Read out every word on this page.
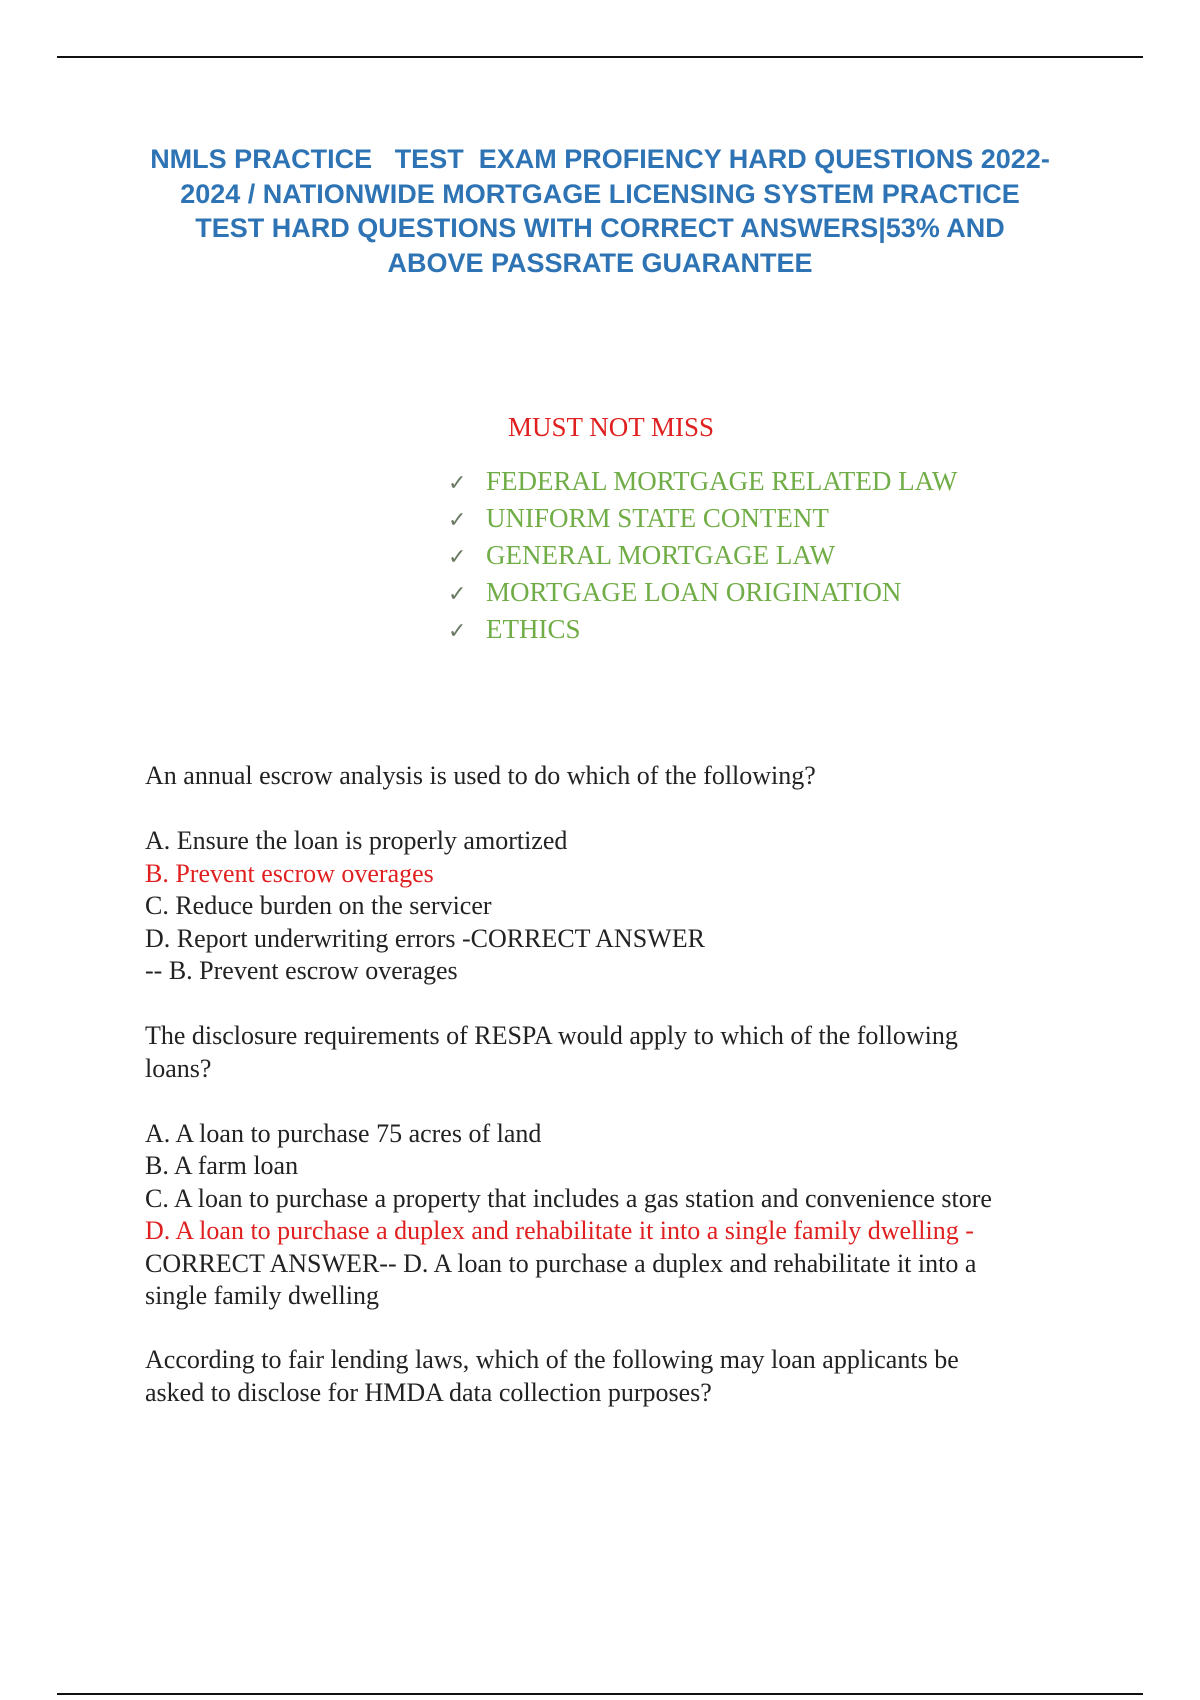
NMLS PRACTICE   TEST  EXAM PROFIENCY HARD QUESTIONS 2022-
2024 / NATIONWIDE MORTGAGE LICENSING SYSTEM PRACTICE
TEST HARD QUESTIONS WITH CORRECT ANSWERS|53% AND
ABOVE PASSRATE GUARANTEE
MUST NOT MISS
✓ FEDERAL MORTGAGE RELATED LAW
✓ UNIFORM STATE CONTENT
✓ GENERAL MORTGAGE LAW
✓ MORTGAGE LOAN ORIGINATION
✓ ETHICS

An annual escrow analysis is used to do which of the following?

A. Ensure the loan is properly amortized

B. Prevent escrow overages

C. Reduce burden on the servicer

D. Report underwriting errors -CORRECT ANSWER

-- B. Prevent escrow overages

The disclosure requirements of RESPA would apply to which of the following

loans?

A. A loan to purchase 75 acres of land

B. A farm loan

C. A loan to purchase a property that includes a gas station and convenience store

D. A loan to purchase a duplex and rehabilitate it into a single family dwelling -

CORRECT ANSWER-- D. A loan to purchase a duplex and rehabilitate it into a

single family dwelling

According to fair lending laws, which of the following may loan applicants be

asked to disclose for HMDA data collection purposes?
